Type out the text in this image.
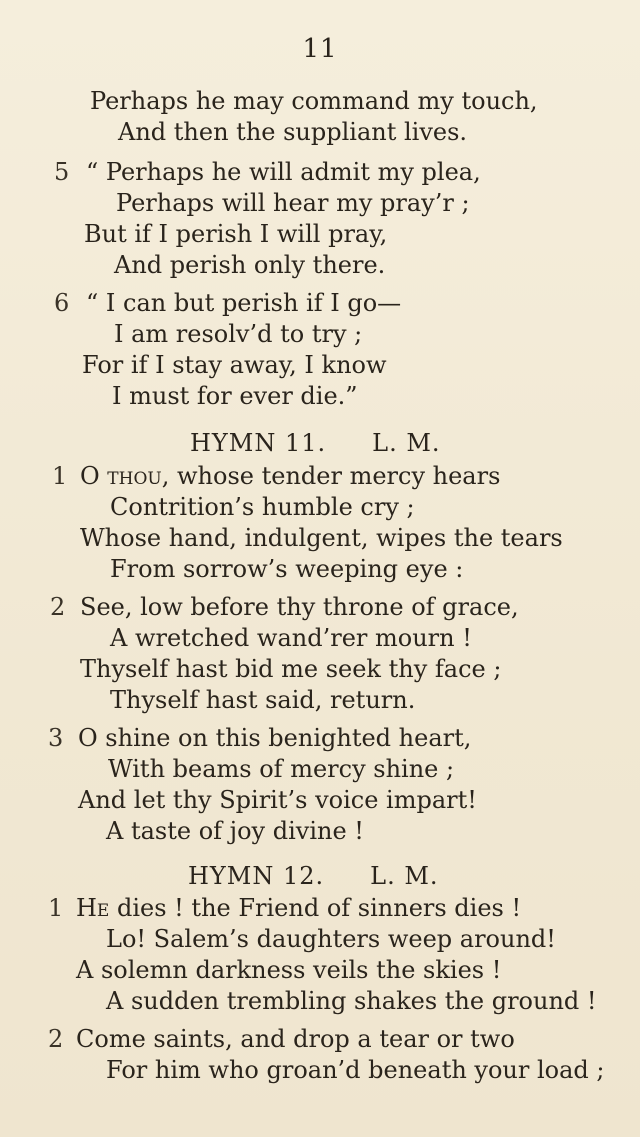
11
Perhaps he may command my touch,
And then the suppliant lives.
5 “ Perhaps he will admit my plea,
Perhaps will hear my pray’r ;
But if I perish I will pray,
And perish only there.
6 “ I can but perish if I go—
I am resolv’d to try ;
For if I stay away, I know
I must for ever die.”
HYMN 11. L. M.
1 O thou, whose tender mercy hears
Contrition’s humble cry ;
Whose hand, indulgent, wipes the tears
From sorrow’s weeping eye :
2 See, low before thy throne of grace,
A wretched wand’rer mourn !
Thyself hast bid me seek thy face ;
Thyself hast said, return.
3 O shine on this benighted heart,
With beams of mercy shine ;
And let thy Spirit’s voice impart!
A taste of joy divine !
HYMN 12. L. M.
1 He dies ! the Friend of sinners dies !
Lo! Salem’s daughters weep around!
A solemn darkness veils the skies !
A sudden trembling shakes the ground !
2 Come saints, and drop a tear or two
For him who groan’d beneath your load ;
